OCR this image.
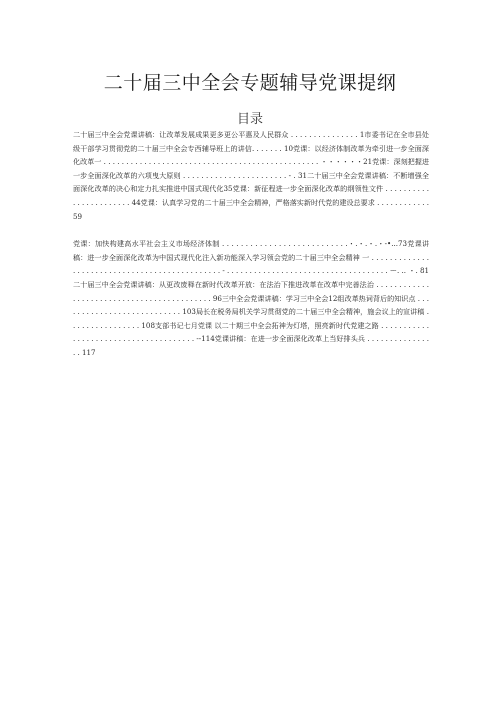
二十届三中全会专题辅导党课提纲
目录

二十届三中全会党课讲稿：让改革发展成果更多更公平惠及人民群众 . . . . . . . . . . . . . . . 1市委书记在全市县处级干部学习贯彻党的二十届三中全会专西辅导班上的讲信. . . . . . . 10党课：以经济体制改革为牵引进一步全面深化改革一 . . . . . . . . . . . . . . . . . . . . . . . . . . . . . . . . . . . . . . . . . . . . . . . . ・・・・・・21党课：深刻把握进一步全面深化改革的六项曳大原则 . . . . . . . . . . . . . . . . . . . . . . . - . 31二十届三中全会党课讲稿：不断增强全面深化改革的决心和定力扎实推进中国式现代化35党课：新征程进一步全面深化改革的纲领性文件 . . . . . . . . . . . . . . . . . . . . . . . 44党课：认真学习党的二十届三中全会精神，严格落实新时代党的建设总要求 . . . . . . . . . . . . 59

党课：加快构建高水平社会主义市场经济体制 . . . . . . . . . . . . . . . . . . . . . . . . . . .・.・.・.・-•...73党课讲稿：进一步全面深化改革为中国式现代化注入新功能深入学习领会党的二十届三中全会精神 一 . . . . . . . . . . . . . . . . . . . . . . . . . . . . . . . . . . . . . . . . . . . . . . - . . . . . . . . . . . . . . . . . . . . . . . . . . . . . . . . . . . . ー. .. ・. 81二十届三中全会党课讲稿：从更改废释在新时代改革开放：在法治下推进改革在改革中完善法治 . . . . . . . . . . . . . . . . . . . . . . . . . . . . . . . . . . . . . . . . . . . 96三中全会党课讲稿：学习三中全会12组改革热词背后的知识点 . . . . . . . . . . . . . . . . . . . . . . . . . . . 103局长在税务局机关学习贯彻党的二十届三中全会精神，施会议上的宣讲稿 . . . . . . . . . . . . . . . . 108支部书记七月党课 以二十期三中全会拓神为灯塔，照亮新时代党建之路 . . . . . . . . . . . . . . . . . . . . . . . . . . . . . . . . . . . . . . --114党课讲稿：在进一步全面深化改革上当好排头兵 . . . . . . . . . . . . . . . . 117
